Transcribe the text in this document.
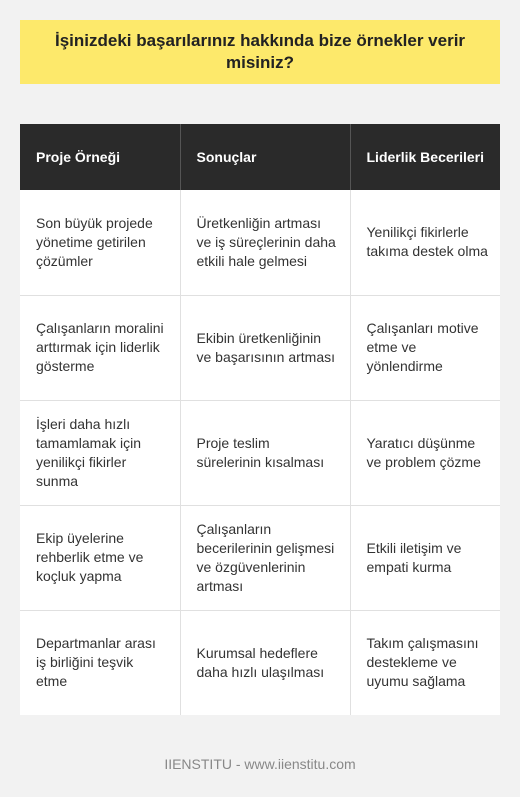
İşinizdeki başarılarınız hakkında bize örnekler verir misiniz?
Proje Örneği	Sonuçlar	Liderlik Becerileri
Son büyük projede yönetime getirilen çözümler	Üretkenliğin artması ve iş süreçlerinin daha etkili hale gelmesi	Yenilikçi fikirlerle takıma destek olma
Çalışanların moralini arttırmak için liderlik gösterme	Ekibin üretkenliğinin ve başarısının artması	Çalışanları motive etme ve yönlendirme
İşleri daha hızlı tamamlamak için yenilikçi fikirler sunma	Proje teslim sürelerinin kısalması	Yaratıcı düşünme ve problem çözme
Ekip üyelerine rehberlik etme ve koçluk yapma	Çalışanların becerilerinin gelişmesi ve özgüvenlerinin artması	Etkili iletişim ve empati kurma
Departmanlar arası iş birliğini teşvik etme	Kurumsal hedeflere daha hızlı ulaşılması	Takım çalışmasını destekleme ve uyumu sağlama
IIENSTITU - www.iienstitu.com
